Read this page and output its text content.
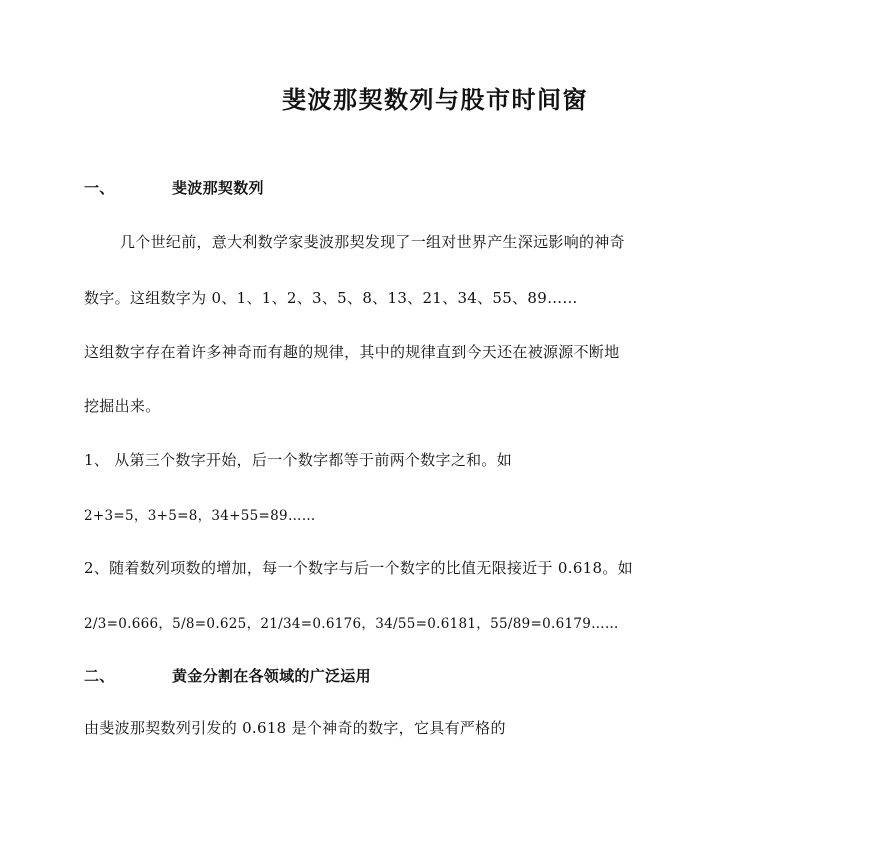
斐波那契数列与股市时间窗
一、	斐波那契数列
几个世纪前，意大利数学家斐波那契发现了一组对世界产生深远影响的神奇
数字。这组数字为 0、1、1、2、3、5、8、13、21、34、55、89……
这组数字存在着许多神奇而有趣的规律，其中的规律直到今天还在被源源不断地
挖掘出来。
1、 从第三个数字开始，后一个数字都等于前两个数字之和。如
2+3=5，3+5=8，34+55=89……
2、随着数列项数的增加，每一个数字与后一个数字的比值无限接近于 0.618。如
2/3=0.666，5/8=0.625，21/34=0.6176，34/55=0.6181，55/89=0.6179……
二、	黄金分割在各领域的广泛运用
由斐波那契数列引发的 0.618 是个神奇的数字，它具有严格的
